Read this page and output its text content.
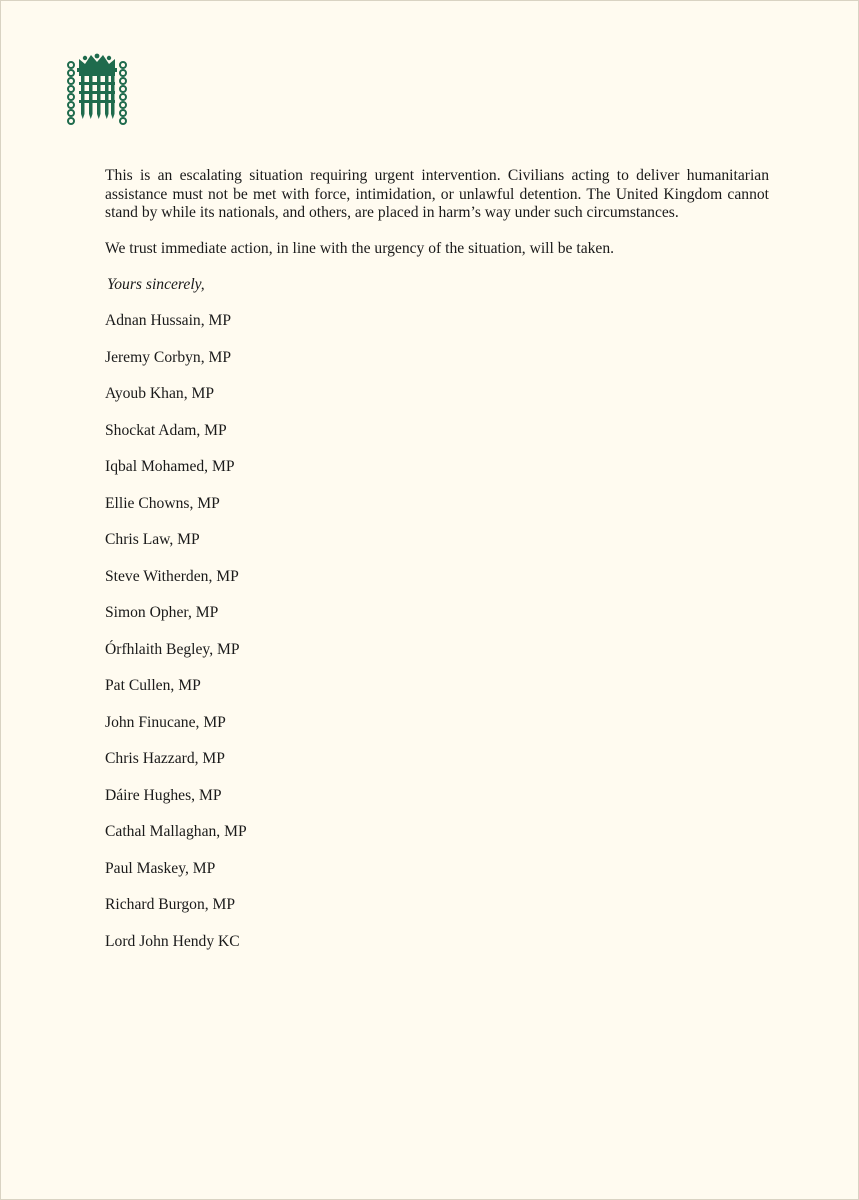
This is an escalating situation requiring urgent intervention. Civilians acting to deliver humanitarian assistance must not be met with force, intimidation, or unlawful detention. The United Kingdom cannot stand by while its nationals, and others, are placed in harm’s way under such circumstances.

We trust immediate action, in line with the urgency of the situation, will be taken.

Yours sincerely,

Adnan Hussain, MP
Jeremy Corbyn, MP
Ayoub Khan, MP
Shockat Adam, MP
Iqbal Mohamed, MP
Ellie Chowns, MP
Chris Law, MP
Steve Witherden, MP
Simon Opher, MP
Órfhlaith Begley, MP
Pat Cullen, MP
John Finucane, MP
Chris Hazzard, MP
Dáire Hughes, MP
Cathal Mallaghan, MP
Paul Maskey, MP
Richard Burgon, MP
Lord John Hendy KC
